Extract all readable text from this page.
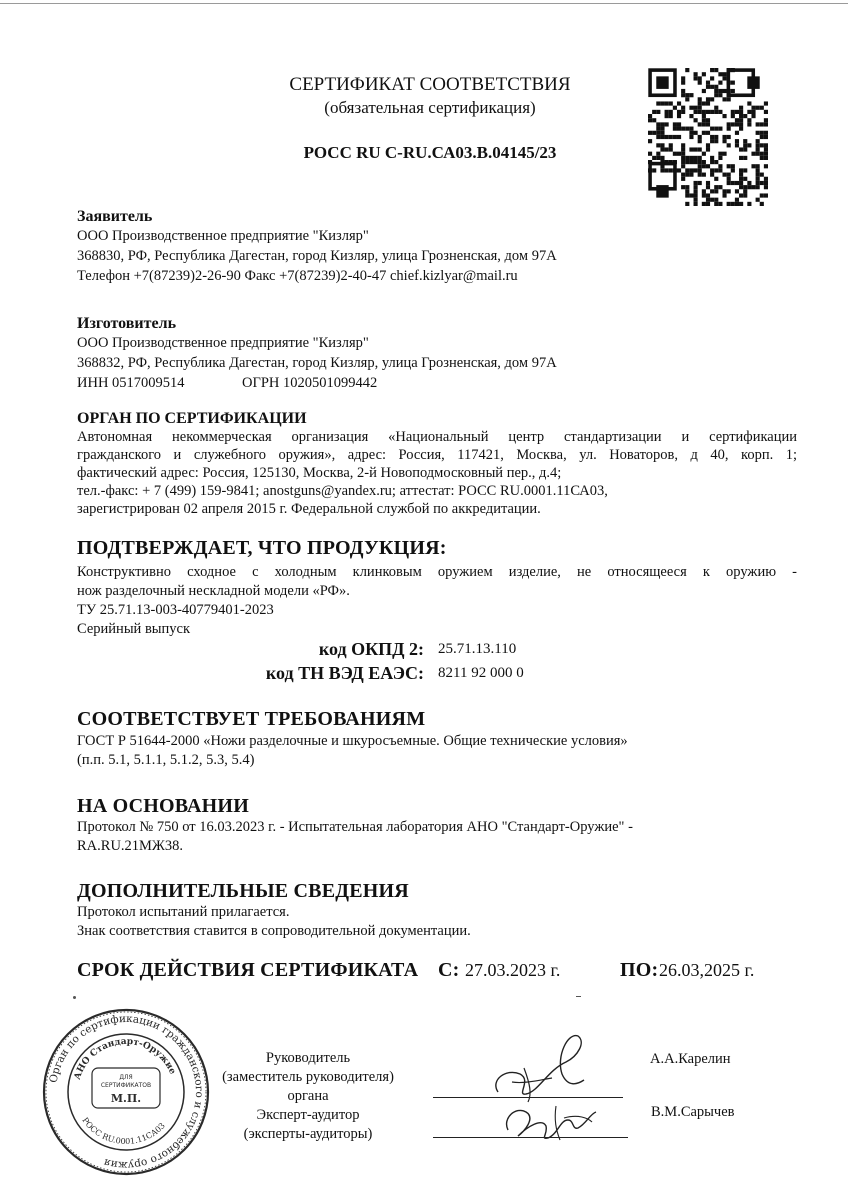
СЕРТИФИКАТ СООТВЕТСТВИЯ
(обязательная сертификация)
РОСС RU С-RU.СА03.В.04145/23
Заявитель
ООО Производственное предприятие "Кизляр"
368830, РФ, Республика Дагестан, город Кизляр, улица Грозненская, дом 97А
Телефон +7(87239)2-26-90 Факс +7(87239)2-40-47 chief.kizlyar@mail.ru
Изготовитель
ООО Производственное предприятие "Кизляр"
368832, РФ, Республика Дагестан, город Кизляр, улица Грозненская, дом 97А
ИНН 0517009514	ОГРН 1020501099442
ОРГАН ПО СЕРТИФИКАЦИИ
Автономная некоммерческая организация «Национальный центр стандартизации и сертификации
гражданского и служебного оружия», адрес: Россия, 117421, Москва, ул. Новаторов, д 40, корп. 1;
фактический адрес: Россия, 125130, Москва, 2-й Новоподмосковный пер., д.4;
тел.-факс: + 7 (499) 159-9841; anostguns@yandex.ru; аттестат: РОСС RU.0001.11СА03,
зарегистрирован 02 апреля 2015 г. Федеральной службой по аккредитации.
ПОДТВЕРЖДАЕТ, ЧТО ПРОДУКЦИЯ:
Конструктивно сходное с холодным клинковым оружием изделие, не относящееся к оружию -
нож разделочный нескладной модели «РФ».
ТУ 25.71.13-003-40779401-2023
Серийный выпуск
код ОКПД 2: 25.71.13.110
код ТН ВЭД ЕАЭС: 8211 92 000 0
СООТВЕТСТВУЕТ ТРЕБОВАНИЯМ
ГОСТ Р 51644-2000 «Ножи разделочные и шкуросъемные. Общие технические условия»
(п.п. 5.1, 5.1.1, 5.1.2, 5.3, 5.4)
НА ОСНОВАНИИ
Протокол № 750 от 16.03.2023 г. - Испытательная лаборатория АНО "Стандарт-Оружие" -
RA.RU.21МЖ38.
ДОПОЛНИТЕЛЬНЫЕ СВЕДЕНИЯ
Протокол испытаний прилагается.
Знак соответствия ставится в сопроводительной документации.
СРОК ДЕЙСТВИЯ СЕРТИФИКАТА С: 27.03.2023 г.	ПО: 26.03,2025 г.
Орган по сертификации гражданского и служебного оружия
АНО Стандарт-Оружие
РОСС RU.0001.11СА03
ДЛЯ
СЕРТИФИКАТОВ
М.П.
Руководитель
(заместитель руководителя)
органа
Эксперт-аудитор
(эксперты-аудиторы)
А.А.Карелин
В.М.Сарычев
